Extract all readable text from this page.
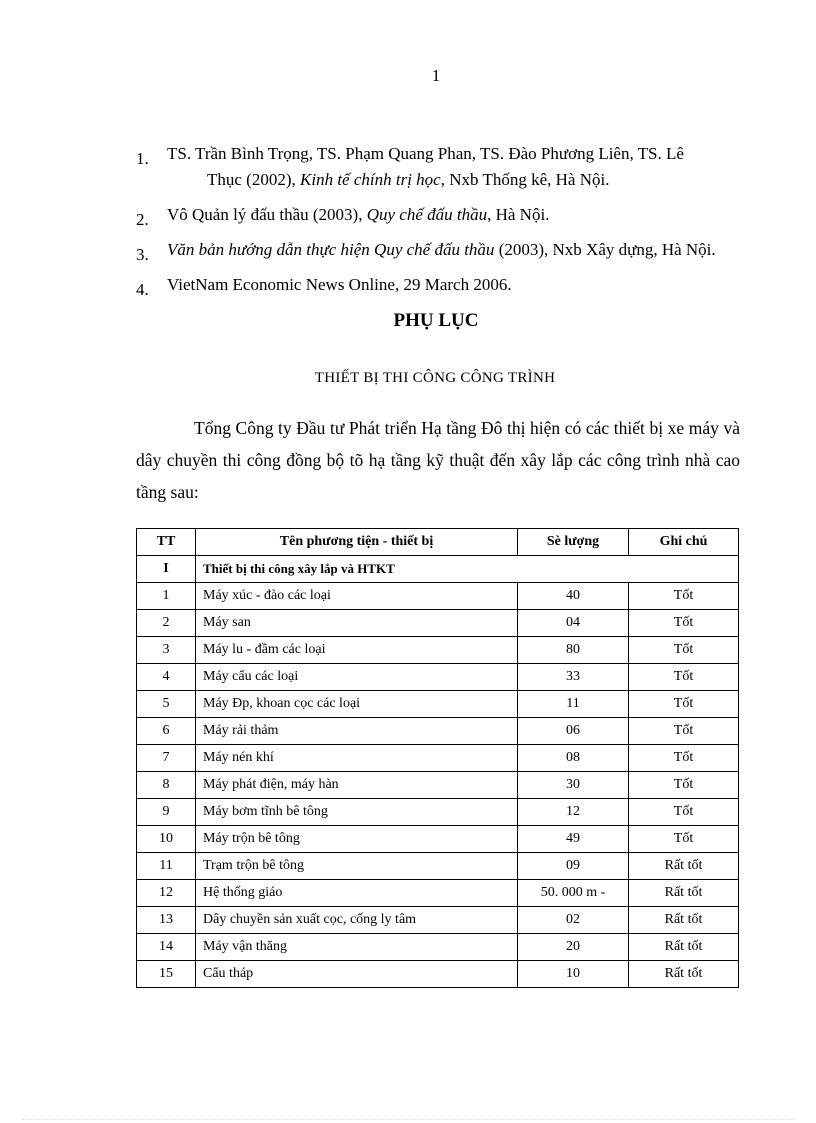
1
1. TS. Trần Bình Trọng, TS. Phạm Quang Phan, TS. Đào Phương Liên, TS. Lê
Thục (2002), Kinh tế chính trị học, Nxb Thống kê, Hà Nội.
2. Vô Quản lý đấu thầu (2003), Quy chế đấu thầu, Hà Nội.
3. Văn bản hướng dẫn thực hiện Quy chế đấu thầu (2003), Nxb Xây dựng, Hà Nội.
4. VietNam Economic News Online, 29 March 2006.
PHỤ LỤC
THIẾT BỊ THI CÔNG CÔNG TRÌNH

Tổng Công ty Đầu tư Phát triển Hạ tầng Đô thị hiện có các thiết bị xe máy và dây chuyền thi công đồng bộ tõ hạ tầng kỹ thuật đến xây lắp các công trình nhà cao tầng sau:

TT	Tên phương tiện - thiết bị	Sè lượng	Ghi chú
I	Thiết bị thi công xây lắp và HTKT		
1	Máy xúc - đào các loại	40	Tốt
2	Máy san	04	Tốt
3	Máy lu - đầm các loại	80	Tốt
4	Máy cẩu các loại	33	Tốt
5	Máy Đp, khoan cọc các loại	11	Tốt
6	Máy rải thảm	06	Tốt
7	Máy nén khí	08	Tốt
8	Máy phát điện, máy hàn	30	Tốt
9	Máy bơm tĩnh bê tông	12	Tốt
10	Máy trộn bê tông	49	Tốt
11	Trạm trộn bê tông	09	Rất tốt
12	Hệ thống giáo	50. 000 m -	Rất tốt
13	Dây chuyền sản xuất cọc, cống ly tâm	02	Rất tốt
14	Máy vận thăng	20	Rất tốt
15	Cẩu tháp	10	Rất tốt
